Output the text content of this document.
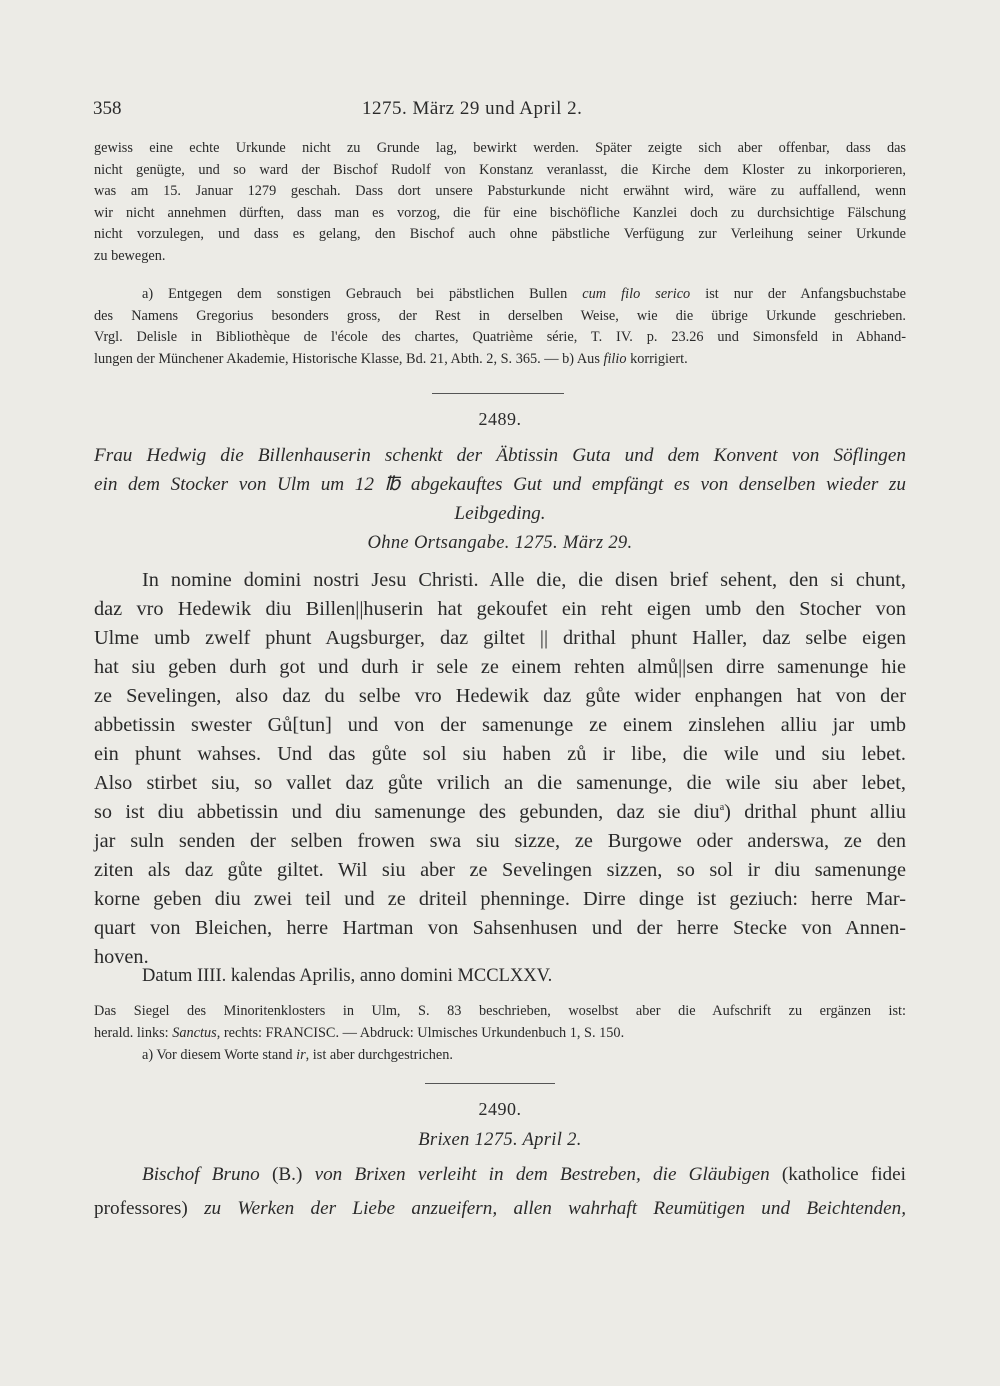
358	1275. März 29 und April 2.
gewiss eine echte Urkunde nicht zu Grunde lag, bewirkt werden. Später zeigte sich aber offenbar, dass das
nicht genügte, und so ward der Bischof Rudolf von Konstanz veranlasst, die Kirche dem Kloster zu inkorporieren,
was am 15. Januar 1279 geschah. Dass dort unsere Pabsturkunde nicht erwähnt wird, wäre zu auffallend, wenn
wir nicht annehmen dürften, dass man es vorzog, die für eine bischöfliche Kanzlei doch zu durchsichtige Fälschung
nicht vorzulegen, und dass es gelang, den Bischof auch ohne päbstliche Verfügung zur Verleihung seiner Urkunde
zu bewegen.
a) Entgegen dem sonstigen Gebrauch bei päbstlichen Bullen cum filo serico ist nur der Anfangsbuchstabe
des Namens Gregorius besonders gross, der Rest in derselben Weise, wie die übrige Urkunde geschrieben.
Vrgl. Delisle in Bibliothèque de l'école des chartes, Quatrième série, T. IV. p. 23.26 und Simonsfeld in Abhand-
lungen der Münchener Akademie, Historische Klasse, Bd. 21, Abth. 2, S. 365. — b) Aus filio korrigiert.
2489.
Frau Hedwig die Billenhauserin schenkt der Äbtissin Guta und dem Konvent von Söflingen
ein dem Stocker von Ulm um 12 ℔ abgekauftes Gut und empfängt es von denselben wieder zu
Leibgeding.
Ohne Ortsangabe. 1275. März 29.
In nomine domini nostri Jesu Christi. Alle die, die disen brief sehent, den si chunt,
daz vro Hedewik diu Billen||huserin hat gekoufet ein reht eigen umb den Stocher von
Ulme umb zwelf phunt Augsburger, daz giltet || drithal phunt Haller, daz selbe eigen
hat siu geben durh got und durh ir sele ze einem rehten almů||sen dirre samenunge hie
ze Sevelingen, also daz du selbe vro Hedewik daz gůte wider enphangen hat von der
abbetissin swester Gů[tun] und von der samenunge ze einem zinslehen alliu jar umb
ein phunt wahses. Und das gůte sol siu haben zů ir libe, die wile und siu lebet.
Also stirbet siu, so vallet daz gůte vrilich an die samenunge, die wile siu aber lebet,
so ist diu abbetissin und diu samenunge des gebunden, daz sie diu$^a$) drithal phunt alliu
jar suln senden der selben frowen swa siu sizze, ze Burgowe oder anderswa, ze den
ziten als daz gůte giltet. Wil siu aber ze Sevelingen sizzen, so sol ir diu samenunge
korne geben diu zwei teil und ze driteil phenninge. Dirre dinge ist geziuch: herre Mar-
quart von Bleichen, herre Hartman von Sahsenhusen und der herre Stecke von Annen-
hoven.
Datum IIII. kalendas Aprilis, anno domini MCCLXXV.
Das Siegel des Minoritenklosters in Ulm, S. 83 beschrieben, woselbst aber die Aufschrift zu ergänzen ist:
herald. links: Sanctus, rechts: FRANCISC. — Abdruck: Ulmisches Urkundenbuch 1, S. 150.
a) Vor diesem Worte stand ir, ist aber durchgestrichen.
2490.
Brixen 1275. April 2.
Bischof Bruno (B.) von Brixen verleiht in dem Bestreben, die Gläubigen (katholice fidei
professores) zu Werken der Liebe anzueifern, allen wahrhaft Reumütigen und Beichtenden,
